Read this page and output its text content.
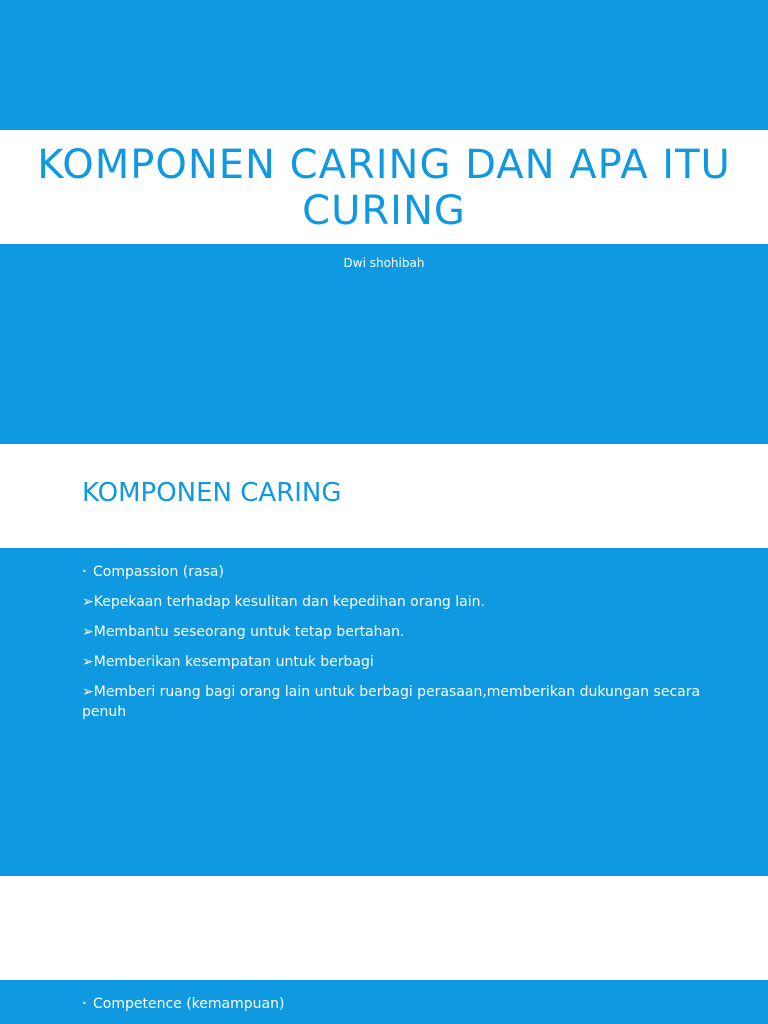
KOMPONEN CARING DAN APA ITU CURING

Dwi shohibah

KOMPONEN CARING
• Compassion (rasa)
➢ Kepekaan terhadap kesulitan dan kepedihan orang lain.
➢ Membantu seseorang untuk tetap bertahan.
➢ Memberikan kesempatan untuk berbagi
➢Memberi ruang bagi orang lain untuk berbagi perasaan,memberikan dukungan secara penuh
• Competence (kemampuan)
